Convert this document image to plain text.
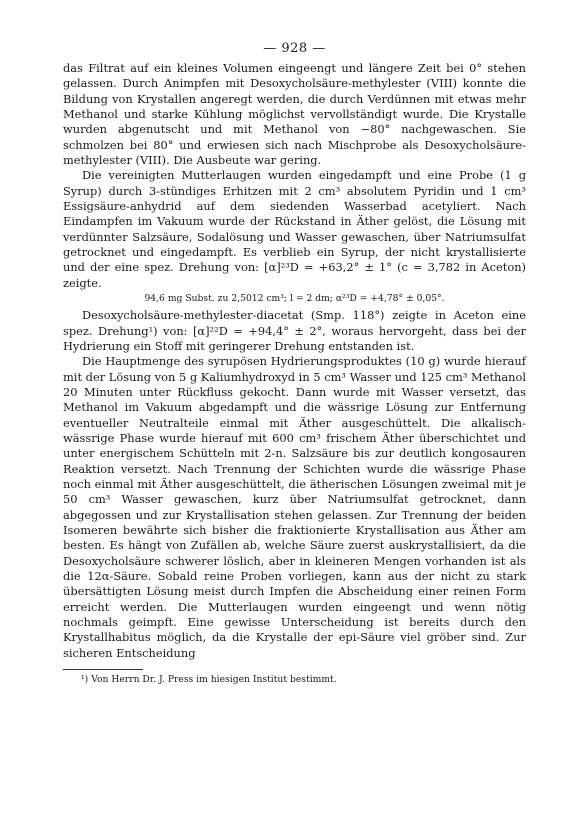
— 928 —

das Filtrat auf ein kleines Volumen eingeengt und längere Zeit bei 0° stehen gelassen. Durch Animpfen mit Desoxycholsäure-methylester (VIII) konnte die Bildung von Krystallen angeregt werden, die durch Verdünnen mit etwas mehr Methanol und starke Kühlung möglichst vervollständigt wurde. Die Krystalle wurden abgenutscht und mit Methanol von −80° nachgewaschen. Sie schmolzen bei 80° und erwiesen sich nach Mischprobe als Desoxycholsäure-methylester (VIII). Die Ausbeute war gering.

Die vereinigten Mutterlaugen wurden eingedampft und eine Probe (1 g Syrup) durch 3-stündiges Erhitzen mit 2 cm³ absolutem Pyridin und 1 cm³ Essigsäure-anhydrid auf dem siedenden Wasserbad acetyliert. Nach Eindampfen im Vakuum wurde der Rückstand in Äther gelöst, die Lösung mit verdünnter Salzsäure, Sodalösung und Wasser gewaschen, über Natriumsulfat getrocknet und eingedampft. Es verblieb ein Syrup, der nicht krystallisierte und der eine spez. Drehung von: [α]²³D = +63,2° ± 1° (c = 3,782 in Aceton) zeigte.

94,6 mg Subst. zu 2,5012 cm³; l = 2 dm; α²³D = +4,78° ± 0,05°.

Desoxycholsäure-methylester-diacetat (Smp. 118°) zeigte in Aceton eine spez. Drehung¹) von: [α]²²D = +94,4° ± 2°, woraus hervorgeht, dass bei der Hydrierung ein Stoff mit geringerer Drehung entstanden ist.

Die Hauptmenge des syrupösen Hydrierungsproduktes (10 g) wurde hierauf mit der Lösung von 5 g Kaliumhydroxyd in 5 cm³ Wasser und 125 cm³ Methanol 20 Minuten unter Rückfluss gekocht. Dann wurde mit Wasser versetzt, das Methanol im Vakuum abgedampft und die wässrige Lösung zur Entfernung eventueller Neutralteile einmal mit Äther ausgeschüttelt. Die alkalisch-wässrige Phase wurde hierauf mit 600 cm³ frischem Äther überschichtet und unter energischem Schütteln mit 2-n. Salzsäure bis zur deutlich kongosauren Reaktion versetzt. Nach Trennung der Schichten wurde die wässrige Phase noch einmal mit Äther ausgeschüttelt, die ätherischen Lösungen zweimal mit je 50 cm³ Wasser gewaschen, kurz über Natriumsulfat getrocknet, dann abgegossen und zur Krystallisation stehen gelassen. Zur Trennung der beiden Isomeren bewährte sich bisher die fraktionierte Krystallisation aus Äther am besten. Es hängt von Zufällen ab, welche Säure zuerst auskrystallisiert, da die Desoxycholsäure schwerer löslich, aber in kleineren Mengen vorhanden ist als die 12α-Säure. Sobald reine Proben vorliegen, kann aus der nicht zu stark übersättigten Lösung meist durch Impfen die Abscheidung einer reinen Form erreicht werden. Die Mutterlaugen wurden eingeengt und wenn nötig nochmals geimpft. Eine gewisse Unterscheidung ist bereits durch den Krystallhabitus möglich, da die Krystalle der epi-Säure viel gröber sind. Zur sicheren Entscheidung

¹) Von Herrn Dr. J. Press im hiesigen Institut bestimmt.
